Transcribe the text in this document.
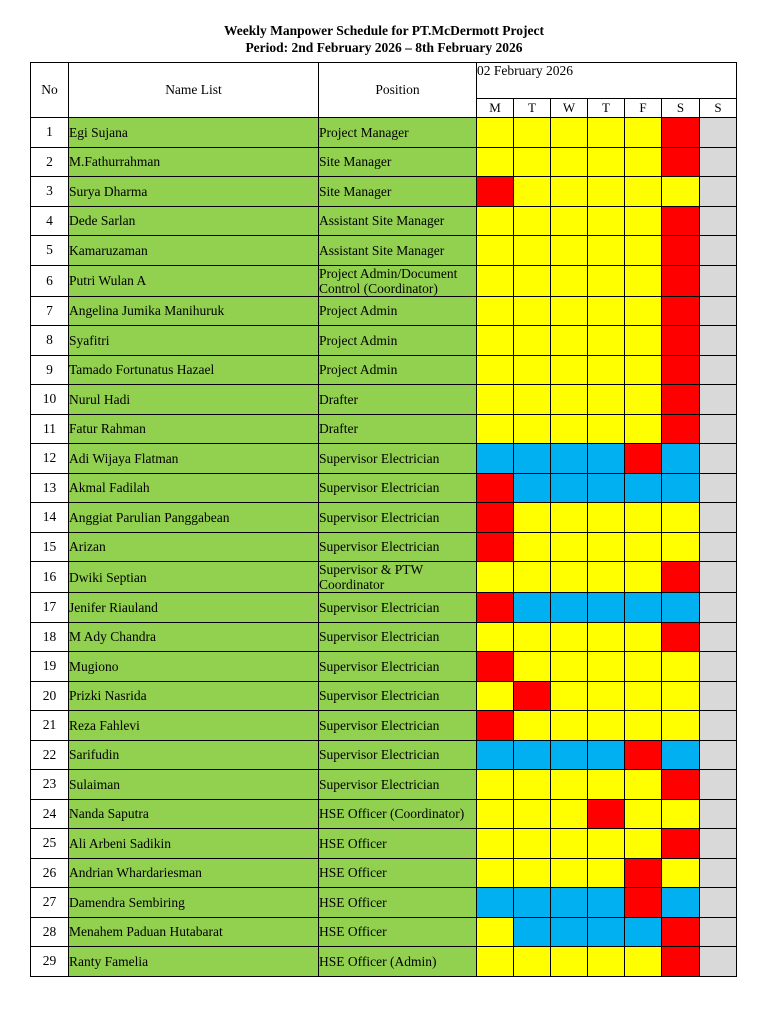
Weekly Manpower Schedule for PT.McDermott Project
Period: 2nd February 2026 – 8th February 2026
No	Name List	Position	02 February 2026						
			M	T	W	T	F	S	S
1	Egi Sujana	Project Manager							
2	M.Fathurrahman	Site Manager							
3	Surya Dharma	Site Manager							
4	Dede Sarlan	Assistant Site Manager							
5	Kamaruzaman	Assistant Site Manager							
6	Putri Wulan A	Project Admin/Document Control (Coordinator)							
7	Angelina Jumika Manihuruk	Project Admin							
8	Syafitri	Project Admin							
9	Tamado Fortunatus Hazael	Project Admin							
10	Nurul Hadi	Drafter							
11	Fatur Rahman	Drafter							
12	Adi Wijaya Flatman	Supervisor Electrician							
13	Akmal Fadilah	Supervisor Electrician							
14	Anggiat Parulian Panggabean	Supervisor Electrician							
15	Arizan	Supervisor Electrician							
16	Dwiki Septian	Supervisor & PTW Coordinator							
17	Jenifer Riauland	Supervisor Electrician							
18	M Ady Chandra	Supervisor Electrician							
19	Mugiono	Supervisor Electrician							
20	Prizki Nasrida	Supervisor Electrician							
21	Reza Fahlevi	Supervisor Electrician							
22	Sarifudin	Supervisor Electrician							
23	Sulaiman	Supervisor Electrician							
24	Nanda Saputra	HSE Officer (Coordinator)							
25	Ali Arbeni Sadikin	HSE Officer							
26	Andrian Whardariesman	HSE Officer							
27	Damendra Sembiring	HSE Officer							
28	Menahem Paduan Hutabarat	HSE Officer							
29	Ranty Famelia	HSE Officer (Admin)							
